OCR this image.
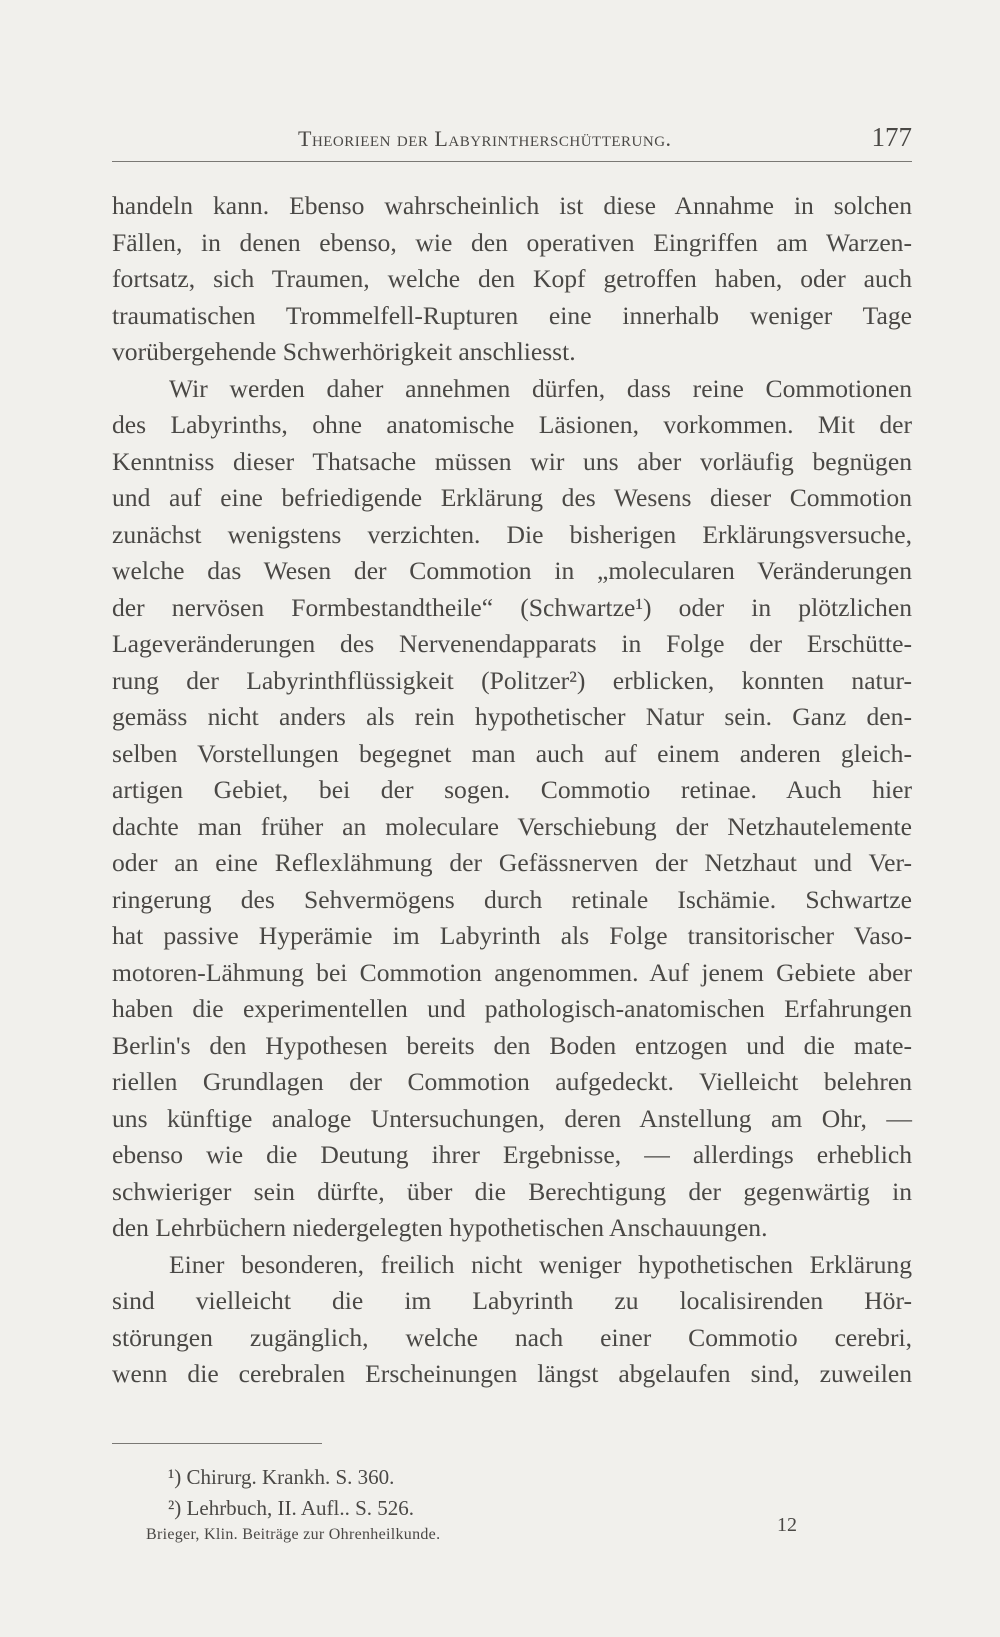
Theorieen der Labyrintherschütterung.	177
handeln kann. Ebenso wahrscheinlich ist diese Annahme in solchen
Fällen, in denen ebenso, wie den operativen Eingriffen am Warzen-
fortsatz, sich Traumen, welche den Kopf getroffen haben, oder auch
traumatischen Trommelfell-Rupturen eine innerhalb weniger Tage
vorübergehende Schwerhörigkeit anschliesst.
Wir werden daher annehmen dürfen, dass reine Commotionen
des Labyrinths, ohne anatomische Läsionen, vorkommen. Mit der
Kenntniss dieser Thatsache müssen wir uns aber vorläufig begnügen
und auf eine befriedigende Erklärung des Wesens dieser Commotion
zunächst wenigstens verzichten. Die bisherigen Erklärungsversuche,
welche das Wesen der Commotion in „molecularen Veränderungen
der nervösen Formbestandtheile“ (Schwartze¹) oder in plötzlichen
Lageveränderungen des Nervenendapparats in Folge der Erschütte-
rung der Labyrinthflüssigkeit (Politzer²) erblicken, konnten natur-
gemäss nicht anders als rein hypothetischer Natur sein. Ganz den-
selben Vorstellungen begegnet man auch auf einem anderen gleich-
artigen Gebiet, bei der sogen. Commotio retinae. Auch hier
dachte man früher an moleculare Verschiebung der Netzhautelemente
oder an eine Reflexlähmung der Gefässnerven der Netzhaut und Ver-
ringerung des Sehvermögens durch retinale Ischämie. Schwartze
hat passive Hyperämie im Labyrinth als Folge transitorischer Vaso-
motoren-Lähmung bei Commotion angenommen. Auf jenem Gebiete aber
haben die experimentellen und pathologisch-anatomischen Erfahrungen
Berlin's den Hypothesen bereits den Boden entzogen und die mate-
riellen Grundlagen der Commotion aufgedeckt. Vielleicht belehren
uns künftige analoge Untersuchungen, deren Anstellung am Ohr, —
ebenso wie die Deutung ihrer Ergebnisse, — allerdings erheblich
schwieriger sein dürfte, über die Berechtigung der gegenwärtig in
den Lehrbüchern niedergelegten hypothetischen Anschauungen.
Einer besonderen, freilich nicht weniger hypothetischen Erklärung
sind vielleicht die im Labyrinth zu localisirenden Hör-
störungen zugänglich, welche nach einer Commotio cerebri,
wenn die cerebralen Erscheinungen längst abgelaufen sind, zuweilen
¹) Chirurg. Krankh. S. 360.
²) Lehrbuch, II. Aufl.. S. 526.
Brieger, Klin. Beiträge zur Ohrenheilkunde.	12
